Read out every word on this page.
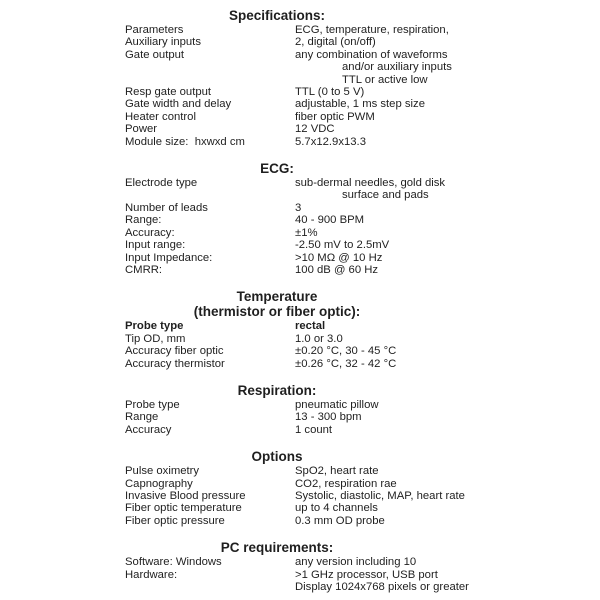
Specifications:
Parameters	ECG, temperature, respiration,
Auxiliary inputs	2, digital (on/off)
Gate output	any combination of waveforms
and/or auxiliary inputs
TTL or active low
Resp gate output	TTL (0 to 5 V)
Gate width and delay	adjustable, 1 ms step size
Heater control	fiber optic PWM
Power	12 VDC
Module size:  hxwxd cm	5.7x12.9x13.3
ECG:
Electrode type	sub-dermal needles, gold disk
surface and pads
Number of leads	3
Range:	40 - 900 BPM
Accuracy:	±1%
Input range:	-2.50 mV to 2.5mV
Input Impedance:	>10 MΩ @ 10 Hz
CMRR:	100 dB @ 60 Hz
Temperature
(thermistor or fiber optic):
Probe type	rectal
Tip OD, mm	1.0 or 3.0
Accuracy fiber optic	±0.20 °C, 30 - 45 °C
Accuracy thermistor	±0.26 °C, 32 - 42 °C
Respiration:
Probe type	pneumatic pillow
Range	13 - 300 bpm
Accuracy	1 count
Options
Pulse oximetry	SpO2, heart rate
Capnography	CO2, respiration rae
Invasive Blood pressure	Systolic, diastolic, MAP, heart rate
Fiber optic temperature	up to 4 channels
Fiber optic pressure	0.3 mm OD probe
PC requirements:
Software: Windows	any version including 10
Hardware:	>1 GHz processor, USB port
Display 1024x768 pixels or greater
